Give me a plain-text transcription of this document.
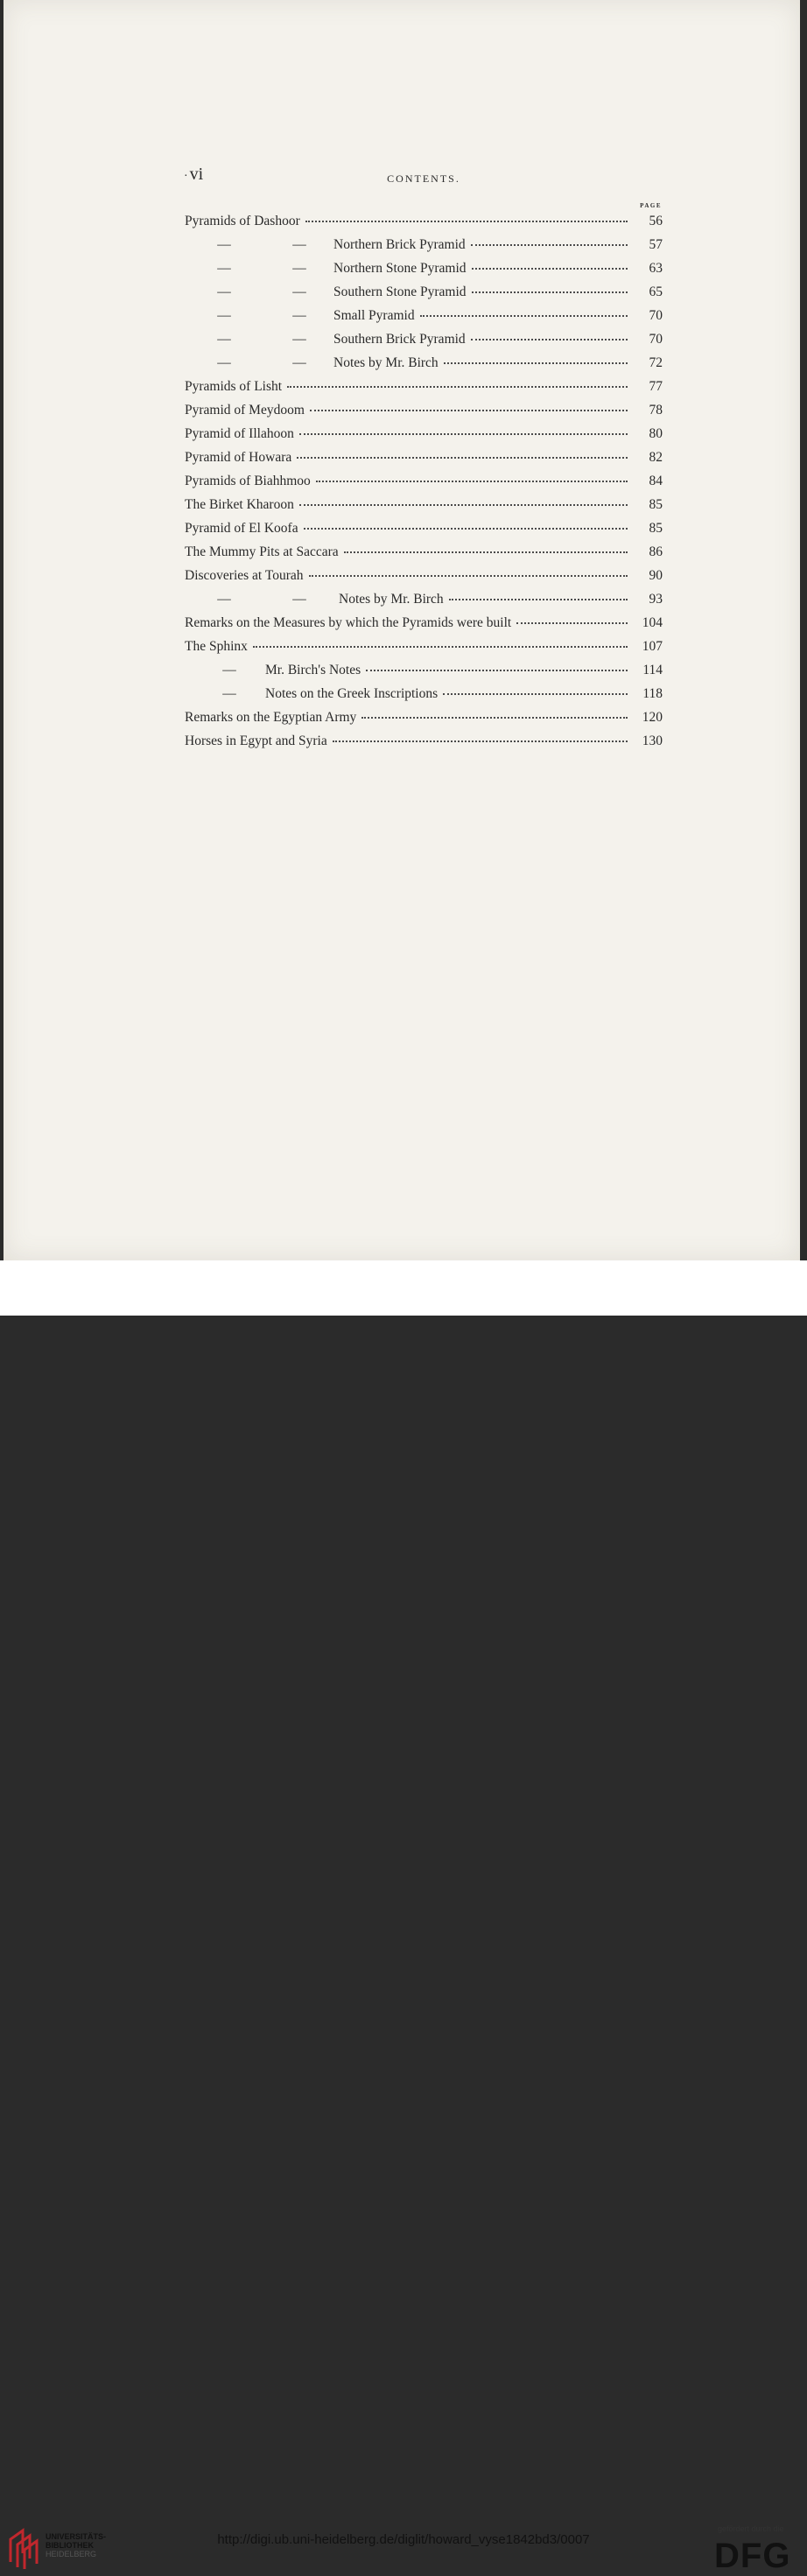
· vi	CONTENTS.
PAGE
Pyramids of Dashoor	56
—	—	Northern Brick Pyramid	57
—	—	Northern Stone Pyramid	63
—	—	Southern Stone Pyramid	65
—	—	Small Pyramid	70
—	—	Southern Brick Pyramid	70
—	—	Notes by Mr. Birch	72
Pyramids of Lisht	77
Pyramid of Meydoom	78
Pyramid of Illahoon	80
Pyramid of Howara	82
Pyramids of Biahhmoo	84
The Birket Kharoon	85
Pyramid of El Koofa	85
The Mummy Pits at Saccara	86
Discoveries at Tourah	90
—	—	Notes by Mr. Birch	93
Remarks on the Measures by which the Pyramids were built	104
The Sphinx	107
—	Mr. Birch's Notes	114
—	Notes on the Greek Inscriptions	118
Remarks on the Egyptian Army	120
Horses in Egypt and Syria	130
UNIVERSITÄTS-
BIBLIOTHEK
HEIDELBERG
http://digi.ub.uni-heidelberg.de/diglit/howard_vyse1842bd3/0007
gefördert durch die
DFG
